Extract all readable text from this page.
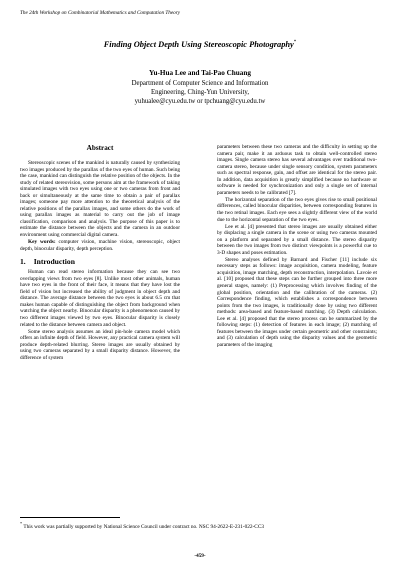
The 24th Workshop on Combinatorial Mathematics and Computation Theory
Finding Object Depth Using Stereoscopic Photography*
Yu-Hua Lee and Tai-Pao Chuang
Department of Computer Science and Information
Engineering, Ching-Yun University,
yuhualee@cyu.edu.tw or tpchuang@cyu.edu.tw
Abstract

Stereoscopic scenes of the mankind is naturally caused by synthesizing two images produced by the parallax of the two eyes of human. Such being the case, mankind can distinguish the relative position of the objects. In the study of related stereovision, some persons aim at the framework of taking simulated images with two eyes using one or two cameras from front and back or simultaneously at the same time to obtain a pair of parallax images; someone pay more attention to the theoretical analysis of the relative positions of the parallax images, and some others do the work of using parallax images as material to carry out the job of image classification, comparison and analysis. The purpose of this paper is to estimate the distance between the objects and the camera in an outdoor environment using commercial digital camera.

Key words: computer vision, machine vision, stereoscopic, object depth, binocular disparity, depth perception.

1. Introduction

Human can read stereo information because they can see two overlapping views from two eyes [8]. Unlike most other animals, human have two eyes in the front of their face, it means that they have lost the field of vision but increased the ability of judgment in object depth and distance. The average distance between the two eyes is about 6.5 cm that makes human capable of distinguishing the object from background when watching the object nearby. Binocular disparity is a phenomenon caused by two different images viewed by two eyes. Binocular disparity is closely related to the distance between camera and object.

Some stereo analysis assumes an ideal pin-hole camera model which offers an infinite depth of field. However, any practical camera system will produce depth-related blurring. Stereo images are usually obtained by using two cameras separated by a small disparity distance. However, the difference of system

parameters between these two cameras and the difficulty in setting up the camera pair, make it an arduous task to obtain well-controlled stereo images. Single camera stereo has several advantages over traditional two-camera stereo, because under single sensory condition, system parameters such as spectral response, gain, and offset are identical for the stereo pair. In addition, data acquisition is greatly simplified because no hardware or software is needed for synchronization and only a single set of internal parameters needs to be calibrated [7].

The horizontal separation of the two eyes gives rise to small positional differences, called binocular disparities, between corresponding features in the two retinal images. Each eye sees a slightly different view of the world due to the horizontal separation of the two eyes.

Lee et al. [4] presented that stereo images are usually obtained either by displacing a single camera in the scene or using two cameras mounted on a platform and separated by a small distance. The stereo disparity between the two images from two distinct viewpoints is a powerful cue to 3-D shapes and poses estimation.

Stereo analyses defined by Barnard and Fischer [11] include six necessary steps as follows: image acquisition, camera modeling, feature acquisition, image matching, depth reconstruction, interpolation. Lavoie et al. [10] proposed that these steps can be further grouped into three more general stages, namely: (1) Preprocessing which involves finding of the global position, orientation and the calibration of the cameras. (2) Correspondence finding, which establishes a correspondence between points from the two images, is traditionally done by using two different methods: area-based and feature-based matching. (3) Depth calculation. Lee et al. [4] proposed that the stereo process can be summarized by the following steps: (1) detection of features in each image; (2) matching of features between the images under certain geometric and other constraints; and (3) calculation of depth using the disparity values and the geometric parameters of the imaging

* This work was partially supported by National Science Council under contract no. NSC 94-2622-E-231-022-CC3
-459-
